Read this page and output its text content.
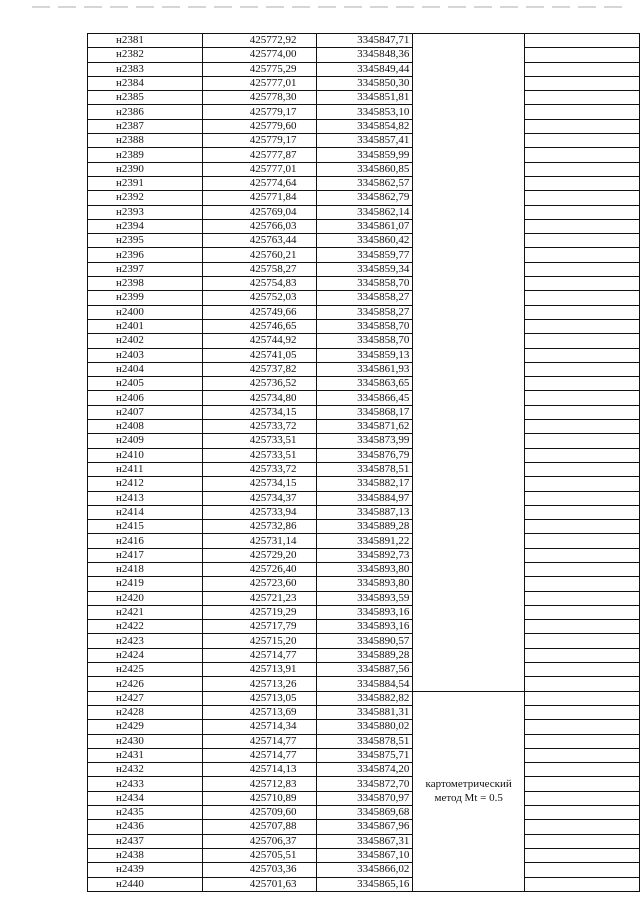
н2381	425772,92	3345847,71		
н2382	425774,00	3345848,36		
н2383	425775,29	3345849,44		
н2384	425777,01	3345850,30		
н2385	425778,30	3345851,81		
н2386	425779,17	3345853,10		
н2387	425779,60	3345854,82		
н2388	425779,17	3345857,41		
н2389	425777,87	3345859,99		
н2390	425777,01	3345860,85		
н2391	425774,64	3345862,57		
н2392	425771,84	3345862,79		
н2393	425769,04	3345862,14		
н2394	425766,03	3345861,07		
н2395	425763,44	3345860,42		
н2396	425760,21	3345859,77		
н2397	425758,27	3345859,34		
н2398	425754,83	3345858,70		
н2399	425752,03	3345858,27		
н2400	425749,66	3345858,27		
н2401	425746,65	3345858,70		
н2402	425744,92	3345858,70		
н2403	425741,05	3345859,13		
н2404	425737,82	3345861,93		
н2405	425736,52	3345863,65		
н2406	425734,80	3345866,45		
н2407	425734,15	3345868,17		
н2408	425733,72	3345871,62		
н2409	425733,51	3345873,99		
н2410	425733,51	3345876,79		
н2411	425733,72	3345878,51		
н2412	425734,15	3345882,17		
н2413	425734,37	3345884,97		
н2414	425733,94	3345887,13		
н2415	425732,86	3345889,28		
н2416	425731,14	3345891,22		
н2417	425729,20	3345892,73		
н2418	425726,40	3345893,80		
н2419	425723,60	3345893,80		
н2420	425721,23	3345893,59		
н2421	425719,29	3345893,16		
н2422	425717,79	3345893,16		
н2423	425715,20	3345890,57		
н2424	425714,77	3345889,28		
н2425	425713,91	3345887,56		
н2426	425713,26	3345884,54		
н2427	425713,05	3345882,82	картометрический
метод Mt = 0.5	

н2428	425713,69	3345881,31		
н2429	425714,34	3345880,02		
н2430	425714,77	3345878,51		
н2431	425714,77	3345875,71		
н2432	425714,13	3345874,20		
н2433	425712,83	3345872,70		
н2434	425710,89	3345870,97		
н2435	425709,60	3345869,68		
н2436	425707,88	3345867,96		
н2437	425706,37	3345867,31		
н2438	425705,51	3345867,10		
н2439	425703,36	3345866,02		
н2440	425701,63	3345865,16		
